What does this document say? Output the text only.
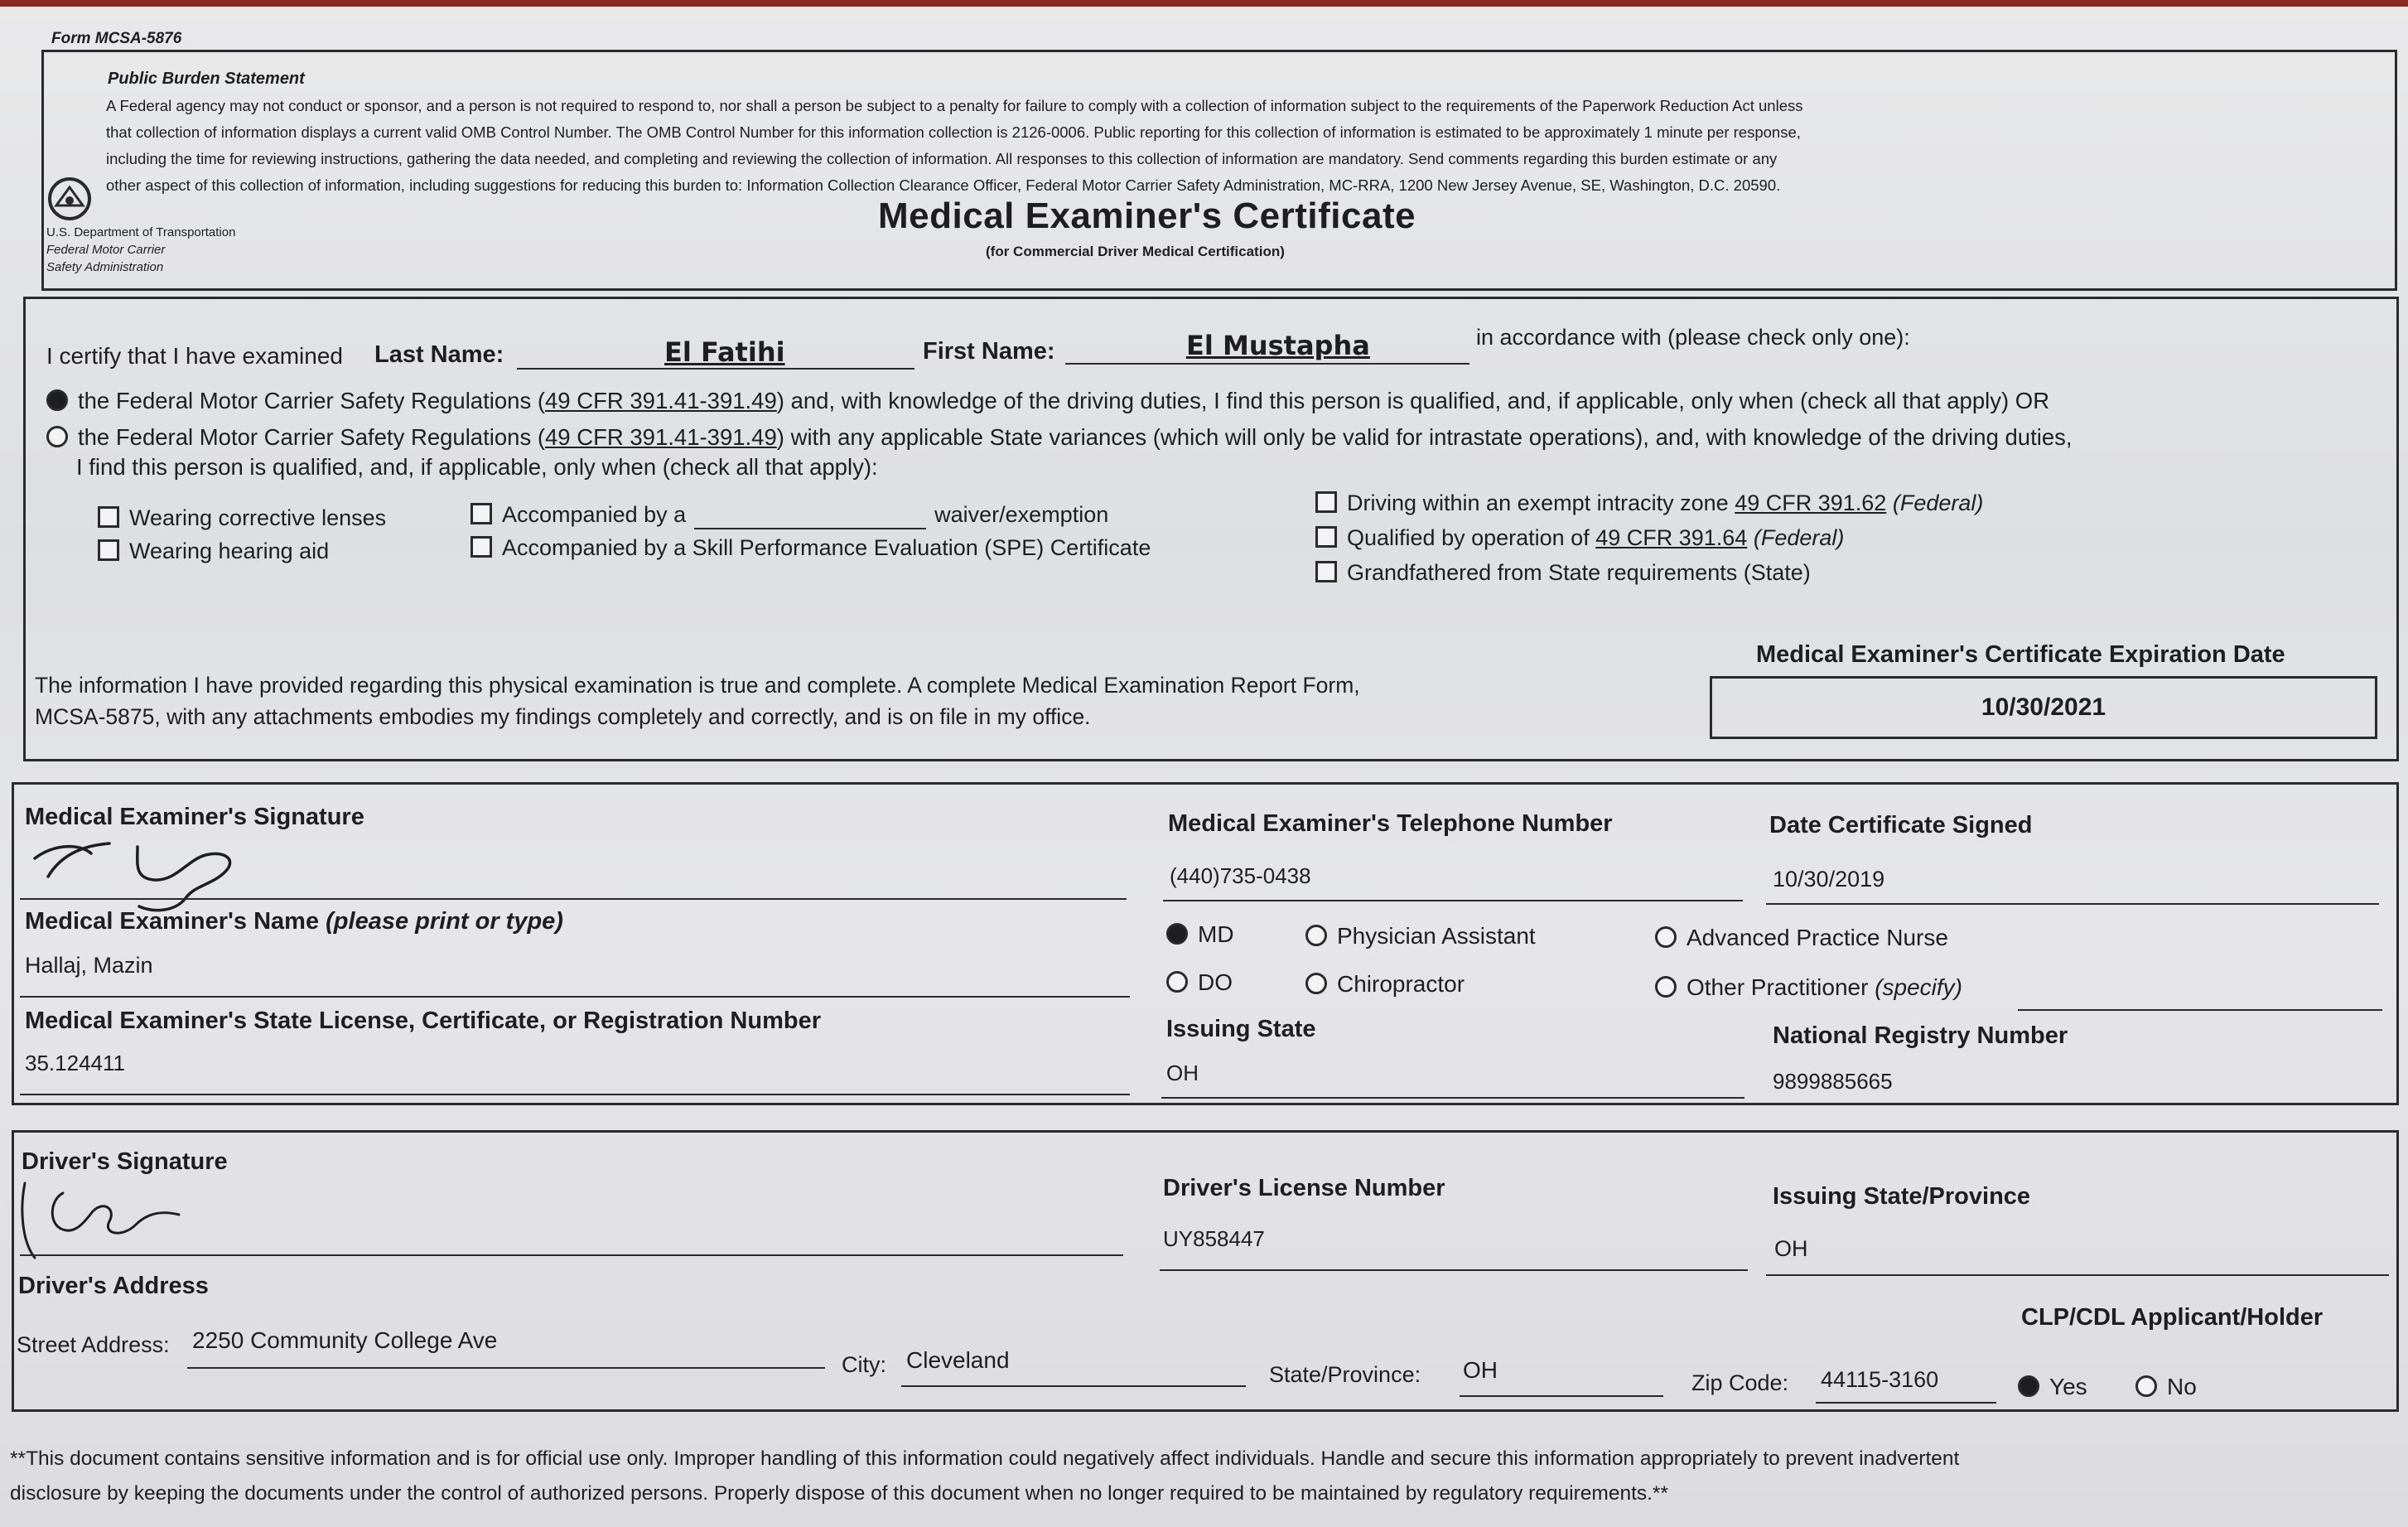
Form MCSA-5876
Public Burden Statement
A Federal agency may not conduct or sponsor, and a person is not required to respond to, nor shall a person be subject to a penalty for failure to comply with a collection of information subject to the requirements of the Paperwork Reduction Act unless
that collection of information displays a current valid OMB Control Number. The OMB Control Number for this information collection is 2126-0006. Public reporting for this collection of information is estimated to be approximately 1 minute per response,
including the time for reviewing instructions, gathering the data needed, and completing and reviewing the collection of information. All responses to this collection of information are mandatory. Send comments regarding this burden estimate or any
other aspect of this collection of information, including suggestions for reducing this burden to: Information Collection Clearance Officer, Federal Motor Carrier Safety Administration, MC-RRA, 1200 New Jersey Avenue, SE, Washington, D.C. 20590.
U.S. Department of Transportation
Federal Motor Carrier
Safety Administration
Medical Examiner's Certificate
(for Commercial Driver Medical Certification)
I certify that I have examined Last Name:	El Fatihi	First Name:	El Mustapha	in accordance with (please check only one):
the Federal Motor Carrier Safety Regulations (49 CFR 391.41-391.49) and, with knowledge of the driving duties, I find this person is qualified, and, if applicable, only when (check all that apply) OR
the Federal Motor Carrier Safety Regulations (49 CFR 391.41-391.49) with any applicable State variances (which will only be valid for intrastate operations), and, with knowledge of the driving duties,
I find this person is qualified, and, if applicable, only when (check all that apply):
Wearing corrective lenses
Wearing hearing aid
Accompanied by a	waiver/exemption
Accompanied by a Skill Performance Evaluation (SPE) Certificate
Driving within an exempt intracity zone 49 CFR 391.62 (Federal)
Qualified by operation of 49 CFR 391.64 (Federal)
Grandfathered from State requirements (State)
The information I have provided regarding this physical examination is true and complete. A complete Medical Examination Report Form,
MCSA-5875, with any attachments embodies my findings completely and correctly, and is on file in my office.
Medical Examiner's Certificate Expiration Date
10/30/2021
Medical Examiner's Signature	Medical Examiner's Telephone Number
(440)735-0438
Date Certificate Signed
10/30/2019
Medical Examiner's Name (please print or type)
Hallaj, Mazin
MD
DO
Physician Assistant
Chiropractor
Advanced Practice Nurse
Other Practitioner (specify)
Medical Examiner's State License, Certificate, or Registration Number
35.124411
Issuing State
OH
National Registry Number
9899885665
Driver's Signature
Driver's License Number
UY858447
Issuing State/Province
OH
Driver's Address
CLP/CDL Applicant/Holder
Street Address: 2250 Community College Ave
City: Cleveland
State/Province: OH	Zip Code: 44115-3160	Yes	No
**This document contains sensitive information and is for official use only. Improper handling of this information could negatively affect individuals. Handle and secure this information appropriately to prevent inadvertent
disclosure by keeping the documents under the control of authorized persons. Properly dispose of this document when no longer required to be maintained by regulatory requirements.**
